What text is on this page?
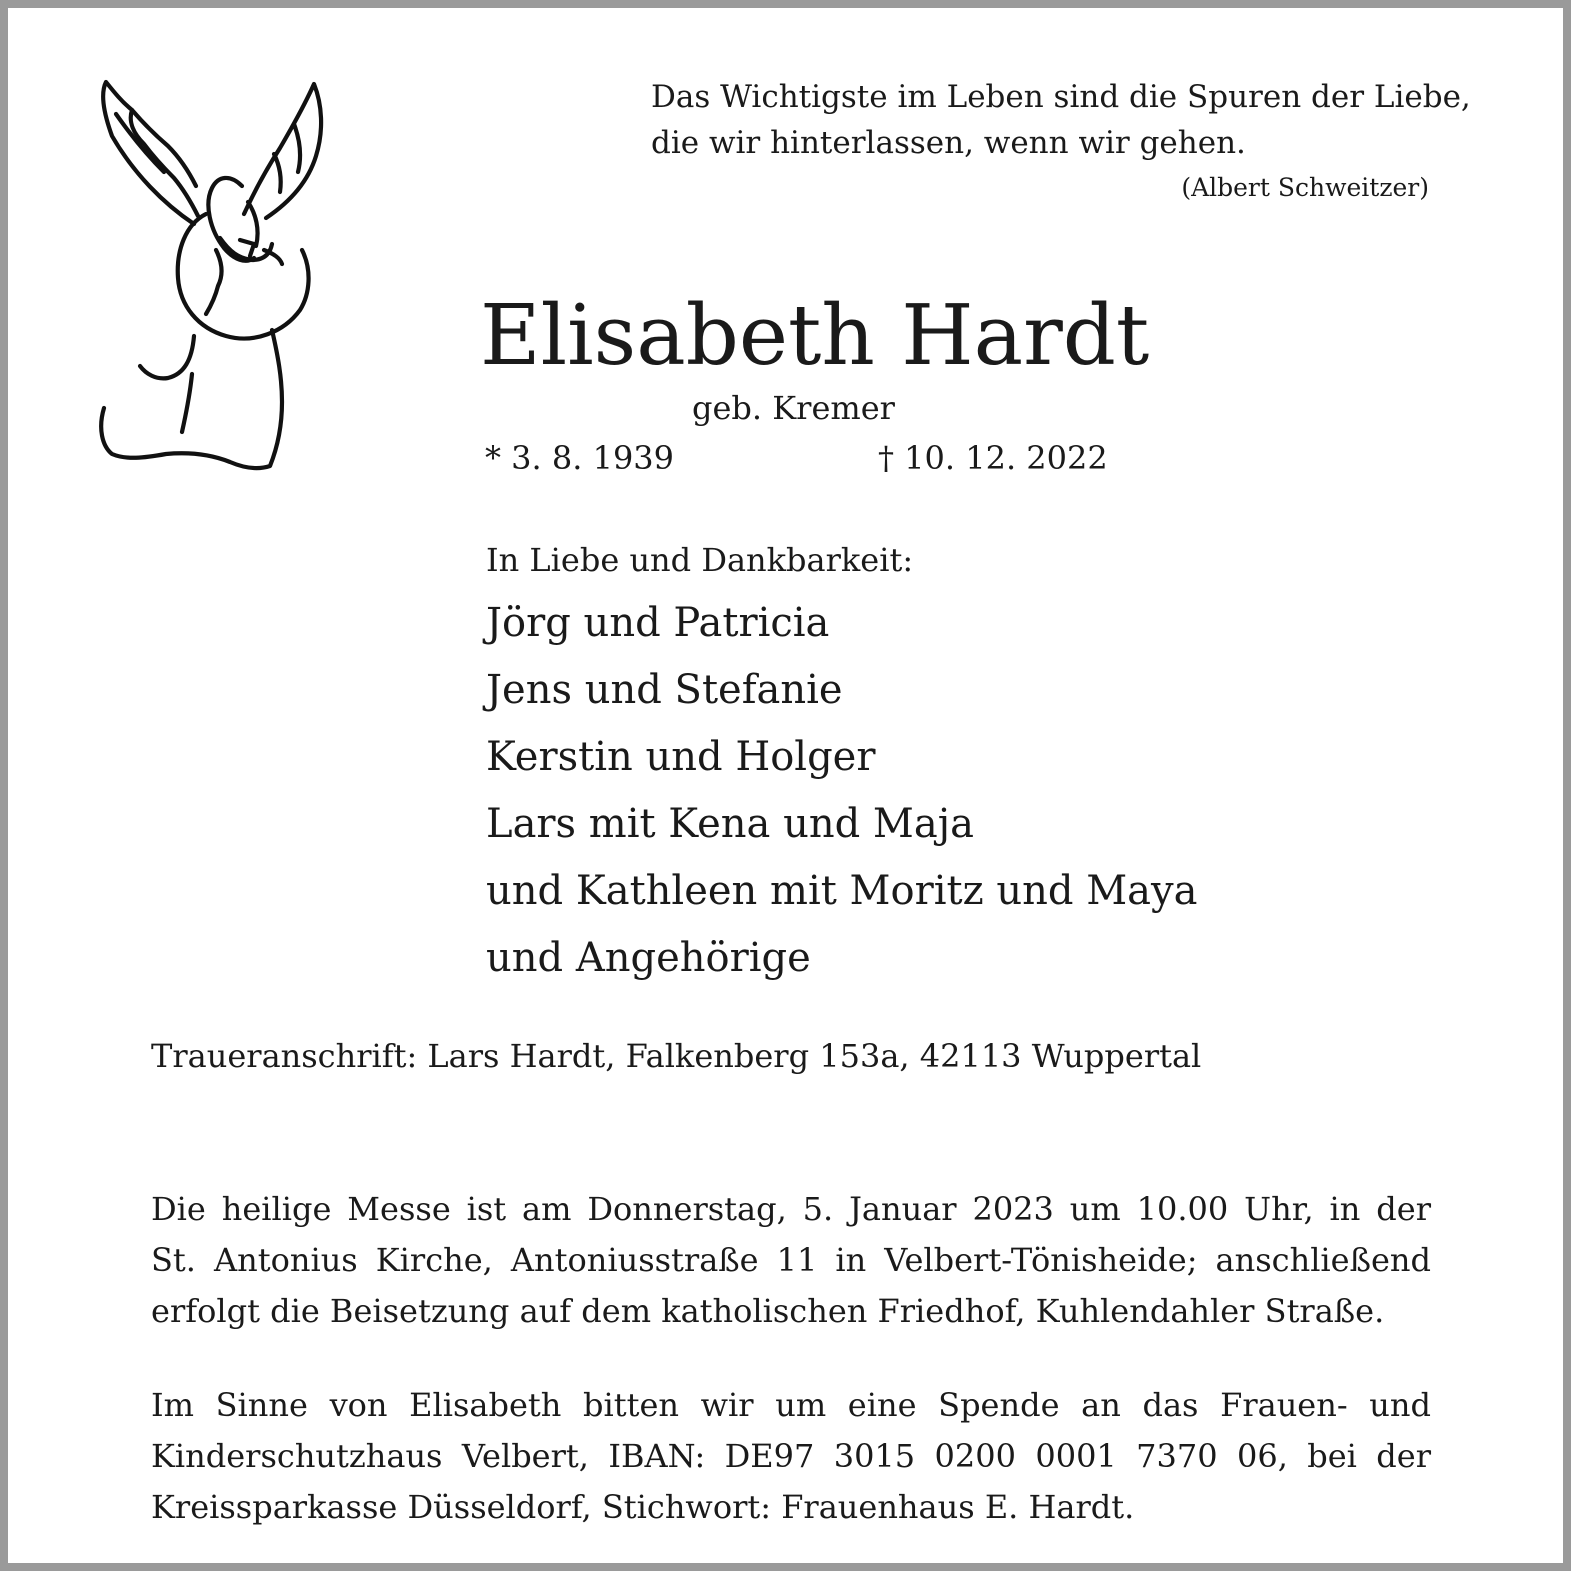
Das Wichtigste im Leben sind die Spuren der Liebe,
die wir hinterlassen, wenn wir gehen.
(Albert Schweitzer)
Elisabeth Hardt
geb. Kremer
* 3. 8. 1939	† 10. 12. 2022
In Liebe und Dankbarkeit:
Jörg und Patricia
Jens und Stefanie
Kerstin und Holger
Lars mit Kena und Maja
und Kathleen mit Moritz und Maya
und Angehörige
Traueranschrift: Lars Hardt, Falkenberg 153a, 42113 Wuppertal
Die heilige Messe ist am Donnerstag, 5. Januar 2023 um 10.00 Uhr, in der
St. Antonius Kirche, Antoniusstraße 11 in Velbert-Tönisheide; anschließend
erfolgt die Beisetzung auf dem katholischen Friedhof, Kuhlendahler Straße.
Im Sinne von Elisabeth bitten wir um eine Spende an das Frauen- und
Kinderschutzhaus Velbert, IBAN: DE97 3015 0200 0001 7370 06, bei der
Kreissparkasse Düsseldorf, Stichwort: Frauenhaus E. Hardt.
